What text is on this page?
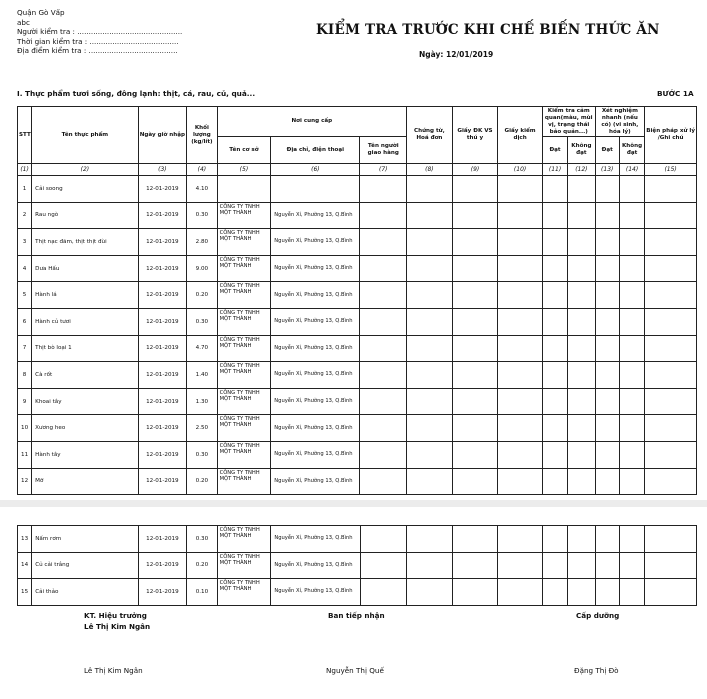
Quận Gò Vấp
abc
Người kiểm tra : ..............................................
Thời gian kiểm tra : .......................................
Địa điểm kiểm tra : .......................................
KIỂM TRA TRƯỚC KHI CHẾ BIẾN THỨC ĂN
Ngày: 12/01/2019
I. Thực phẩm tươi sống, đông lạnh: thịt, cá, rau, củ, quả...	BƯỚC 1A
STT	Tên thực phẩm	Ngày giờ nhập	Khối lượng (kg/lít)	Nơi cung cấp			Chứng từ, Hoá đơn	Giấy ĐK VS thú y	Giấy kiểm dịch	Kiểm tra cảm quan(màu, mùi vị, trạng thái bảo quản...)		Xét nghiệm nhanh (nếu có) (vi sinh, hóa lý)		Biện pháp xử lý /Ghi chú
				Tên cơ sở	Địa chỉ, điện thoại	Tên người giao hàng				Đạt	Không đạt	Đạt	Không đạt	
(1)	(2)	(3)	(4)	(5)	(6)	(7)	(8)	(9)	(10)	(11)	(12)	(13)	(14)	(15)
1	Cải soong	12-01-2019	4.10											
2	Rau ngò	12-01-2019	0.30	CÔNG TY TNHH MỘT THÀNH	Nguyễn Xí, Phường 13, Q.Bình									
3	Thịt nạc đăm, thịt thịt đùi	12-01-2019	2.80	CÔNG TY TNHH MỘT THÀNH	Nguyễn Xí, Phường 13, Q.Bình									
4	Dưa Hấu	12-01-2019	9.00	CÔNG TY TNHH MỘT THÀNH	Nguyễn Xí, Phường 13, Q.Bình									
5	Hành lá	12-01-2019	0.20	CÔNG TY TNHH MỘT THÀNH	Nguyễn Xí, Phường 13, Q.Bình									
6	Hành củ tươi	12-01-2019	0.30	CÔNG TY TNHH MỘT THÀNH	Nguyễn Xí, Phường 13, Q.Bình									
7	Thịt bò loại 1	12-01-2019	4.70	CÔNG TY TNHH MỘT THÀNH	Nguyễn Xí, Phường 13, Q.Bình									
8	Cà rốt	12-01-2019	1.40	CÔNG TY TNHH MỘT THÀNH	Nguyễn Xí, Phường 13, Q.Bình									
9	Khoai tây	12-01-2019	1.30	CÔNG TY TNHH MỘT THÀNH	Nguyễn Xí, Phường 13, Q.Bình									
10	Xương heo	12-01-2019	2.50	CÔNG TY TNHH MỘT THÀNH	Nguyễn Xí, Phường 13, Q.Bình									
11	Hành tây	12-01-2019	0.30	CÔNG TY TNHH MỘT THÀNH	Nguyễn Xí, Phường 13, Q.Bình									
12	Mỡ	12-01-2019	0.20	CÔNG TY TNHH MỘT THÀNH	Nguyễn Xí, Phường 13, Q.Bình									
13	Nấm rơm	12-01-2019	0.30	CÔNG TY TNHH MỘT THÀNH	Nguyễn Xí, Phường 13, Q.Bình									
14	Củ cải trắng	12-01-2019	0.20	CÔNG TY TNHH MỘT THÀNH	Nguyễn Xí, Phường 13, Q.Bình									
15	Cải thảo	12-01-2019	0.10	CÔNG TY TNHH MỘT THÀNH	Nguyễn Xí, Phường 13, Q.Bình									
KT. Hiệu trưởng
Lê Thị Kim Ngân
Ban tiếp nhận	Cấp dưỡng
Lê Thị Kim Ngân	Nguyễn Thị Quế	Đặng Thị Đò
